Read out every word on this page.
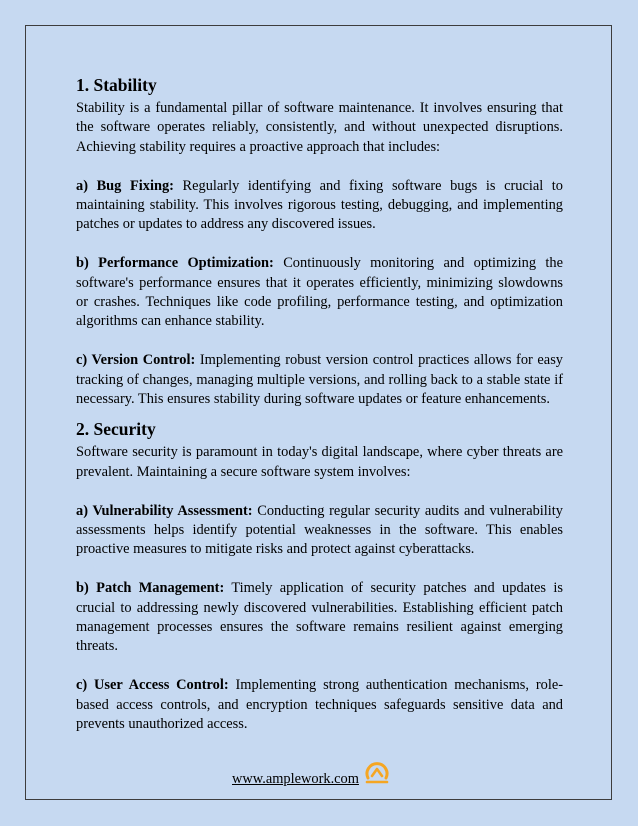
1. Stability

Stability is a fundamental pillar of software maintenance. It involves ensuring that the software operates reliably, consistently, and without unexpected disruptions. Achieving stability requires a proactive approach that includes:

a) Bug Fixing: Regularly identifying and fixing software bugs is crucial to maintaining stability. This involves rigorous testing, debugging, and implementing patches or updates to address any discovered issues.

b) Performance Optimization: Continuously monitoring and optimizing the software's performance ensures that it operates efficiently, minimizing slowdowns or crashes. Techniques like code profiling, performance testing, and optimization algorithms can enhance stability.

c) Version Control: Implementing robust version control practices allows for easy tracking of changes, managing multiple versions, and rolling back to a stable state if necessary. This ensures stability during software updates or feature enhancements.

2. Security

Software security is paramount in today's digital landscape, where cyber threats are prevalent. Maintaining a secure software system involves:

a) Vulnerability Assessment: Conducting regular security audits and vulnerability assessments helps identify potential weaknesses in the software. This enables proactive measures to mitigate risks and protect against cyberattacks.

b) Patch Management: Timely application of security patches and updates is crucial to addressing newly discovered vulnerabilities. Establishing efficient patch management processes ensures the software remains resilient against emerging threats.

c) User Access Control: Implementing strong authentication mechanisms, role-based access controls, and encryption techniques safeguards sensitive data and prevents unauthorized access.

www.amplework.com
